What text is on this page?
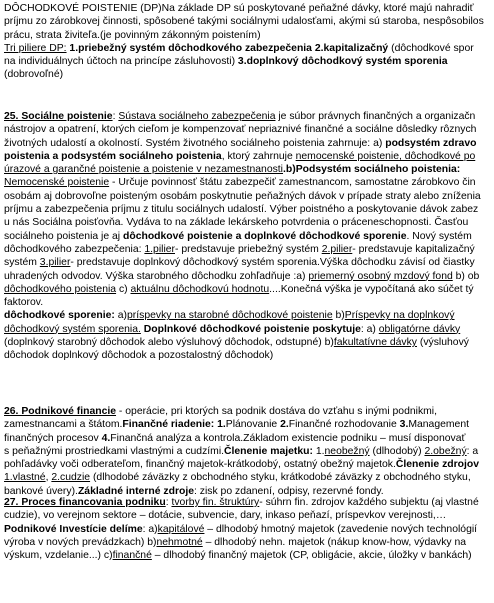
DÔCHODKOVÉ POISTENIE (DP)Na základe DP sú poskytované peňažné dávky, ktoré majú nahradiť
príjmu zo zárobkovej činnosti, spôsobené takými sociálnymi udalosťami, akými sú staroba, nespôsobilos
prácu, strata živiteľa.(je povinným zákonným poistením)
Tri piliere DP: 1.priebežný systém dôchodkového zabezpečenia 2.kapitalizačný (dôchodkové spor
na individuálnych účtoch na princípe zásluhovosti) 3.doplnkový dôchodkový systém sporenia
(dobrovoľné)
25. Sociálne poistenie: Sústava sociálneho zabezpečenia je súbor právnych finančných a organizačn
nástrojov a opatrení, ktorých cieľom je kompenzovať nepriaznivé finančné a sociálne dôsledky rôznych
životných udalostí a okolností. Systém životného sociálneho poistenia zahrnuje: a) podsystém zdravo
poistenia a podsystém sociálneho poistenia, ktorý zahrnuje nemocenské poistenie, dôchodkové po
úrazové a garančné poistenie a poistenie v nezamestnanosti.b)Podsystém sociálneho poistenia:
Nemocenské poistenie - Určuje povinnosť štátu zabezpečiť zamestnancom, samostatne zárobkovo čin
osobám aj dobrovoľne poisteným osobám poskytnutie peňažných dávok v prípade straty alebo zníženia
príjmu a zabezpečenia príjmu z titulu sociálnych udalostí. Výber poistného a poskytovanie dávok zabez
u nás Sociálna poisťovňa. Vydáva to na základe lekárskeho potvrdenia o práceneschopnosti. Časťou
sociálneho poistenia je aj dôchodkové poistenie a doplnkové dôchodkové sporenie. Nový systém
dôchodkového zabezpečenia: 1.pilier- predstavuje priebežný systém 2.pilier- predstavuje kapitalizačný
systém 3.pilier- predstavuje doplnkový dôchodkový systém sporenia.Výška dôchodku závisí od čiastky
uhradených odvodov. Výška starobného dôchodku zohľadňuje :a) priemerný osobný mzdový fond b) ob
dôchodkového poistenia c) aktuálnu dôchodkovú hodnotu....Konečná výška je vypočítaná ako súčet tý
faktorov.
dôchodkové sporenie: a)príspevky na starobné dôchodkové poistenie b)Príspevky na doplnkový
dôchodkový systém sporenia. Doplnkové dôchodkové poistenie poskytuje: a) obligatórne dávky
(doplnkový starobný dôchodok alebo výsluhový dôchodok, odstupné) b)fakultatívne dávky (výsluhový
dôchodok doplnkový dôchodok a pozostalostný dôchodok)
26. Podnikové financie - operácie, pri ktorých sa podnik dostáva do vzťahu s inými podnikmi,
zamestnancami a štátom.Finančné riadenie: 1.Plánovanie 2.Finančné rozhodovanie 3.Management
finančných procesov 4.Finančná analýza a kontrola.Základom existencie podniku – musí disponovať
s peňažnými prostriedkami vlastnými a cudzími.Členenie majetku: 1.neobežný (dlhodobý) 2.obežný: a
pohľadávky voči odberateľom, finančný majetok-krátkodobý, ostatný obežný majetok.Členenie zdrojov
1.vlastné, 2.cudzie (dlhodobé záväzky z obchodného styku, krátkodobé záväzky z obchodného styku,
bankové úvery).Základné interné zdroje: zisk po zdanení, odpisy, rezervné fondy.
27. Proces financovania podniku: tvorby fin. štruktúry- súhrn fin. zdrojov každého subjektu (aj vlastné
cudzie), vo verejnom sektore – dotácie, subvencie, dary, inkaso peňazí, príspevkov verejnosti,…
Podnikové Investície delíme: a)kapitálové – dlhodobý hmotný majetok (zavedenie nových technológií
výroba v nových prevádzkach) b)nehmotné – dlhodobý nehn. majetok (nákup know-how, výdavky na
výskum, vzdelanie...) c)finančné – dlhodobý finančný majetok (CP, obligácie, akcie, úložky v bankách)
